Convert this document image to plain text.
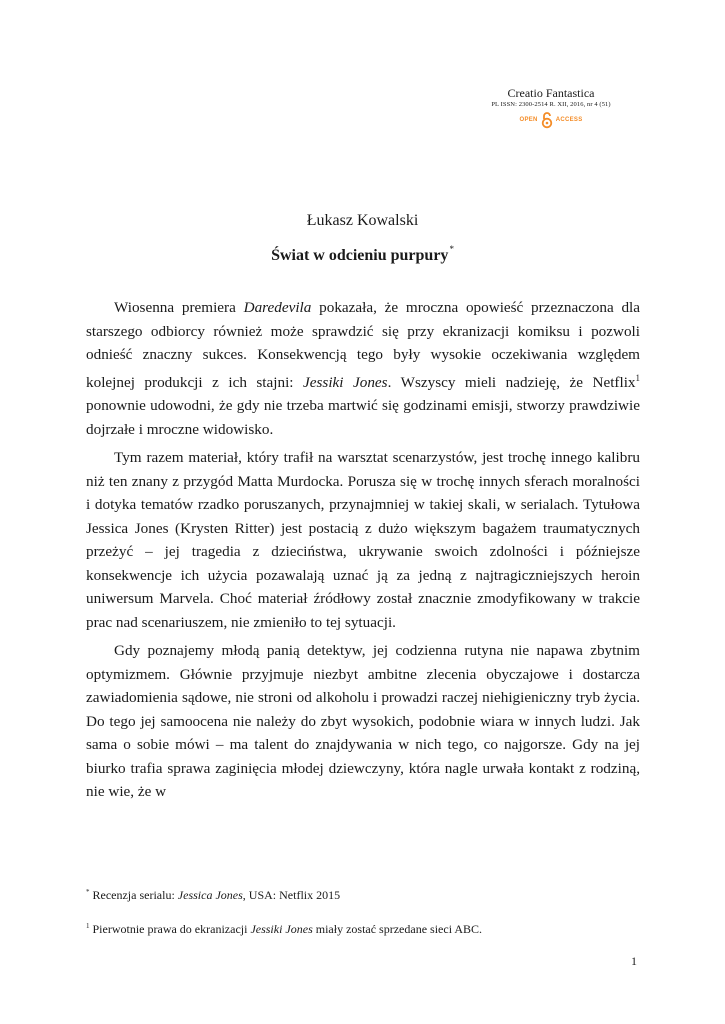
Creatio Fantastica
PL ISSN: 2300-2514 R. XII, 2016, nr 4 (51)
OPEN	ACCESS
Łukasz Kowalski
Świat w odcieniu purpury*

Wiosenna premiera Daredevila pokazała, że mroczna opowieść przeznaczona dla starszego odbiorcy również może sprawdzić się przy ekranizacji komiksu i pozwoli odnieść znaczny sukces. Konsekwencją tego były wysokie oczekiwania względem kolejnej produkcji z ich stajni: Jessiki Jones. Wszyscy mieli nadzieję, że Netflix$^1$ ponownie udowodni, że gdy nie trzeba martwić się godzinami emisji, stworzy prawdziwie dojrzałe i mroczne widowisko.

Tym razem materiał, który trafił na warsztat scenarzystów, jest trochę innego kalibru niż ten znany z przygód Matta Murdocka. Porusza się w trochę innych sferach moralności i dotyka tematów rzadko poruszanych, przynajmniej w takiej skali, w serialach. Tytułowa Jessica Jones (Krysten Ritter) jest postacią z dużo większym bagażem traumatycznych przeżyć – jej tragedia z dzieciństwa, ukrywanie swoich zdolności i późniejsze konsekwencje ich użycia pozawalają uznać ją za jedną z najtragiczniejszych heroin uniwersum Marvela. Choć materiał źródłowy został znacznie zmodyfikowany w trakcie prac nad scenariuszem, nie zmieniło to tej sytuacji.

Gdy poznajemy młodą panią detektyw, jej codzienna rutyna nie napawa zbytnim optymizmem. Głównie przyjmuje niezbyt ambitne zlecenia obyczajowe i dostarcza zawiadomienia sądowe, nie stroni od alkoholu i prowadzi raczej niehigieniczny tryb życia. Do tego jej samoocena nie należy do zbyt wysokich, podobnie wiara w innych ludzi. Jak sama o sobie mówi – ma talent do znajdywania w nich tego, co najgorsze. Gdy na jej biurko trafia sprawa zaginięcia młodej dziewczyny, która nagle urwała kontakt z rodziną, nie wie, że w

* Recenzja serialu: Jessica Jones, USA: Netflix 2015
$^1$ Pierwotnie prawa do ekranizacji Jessiki Jones miały zostać sprzedane sieci ABC.
1
